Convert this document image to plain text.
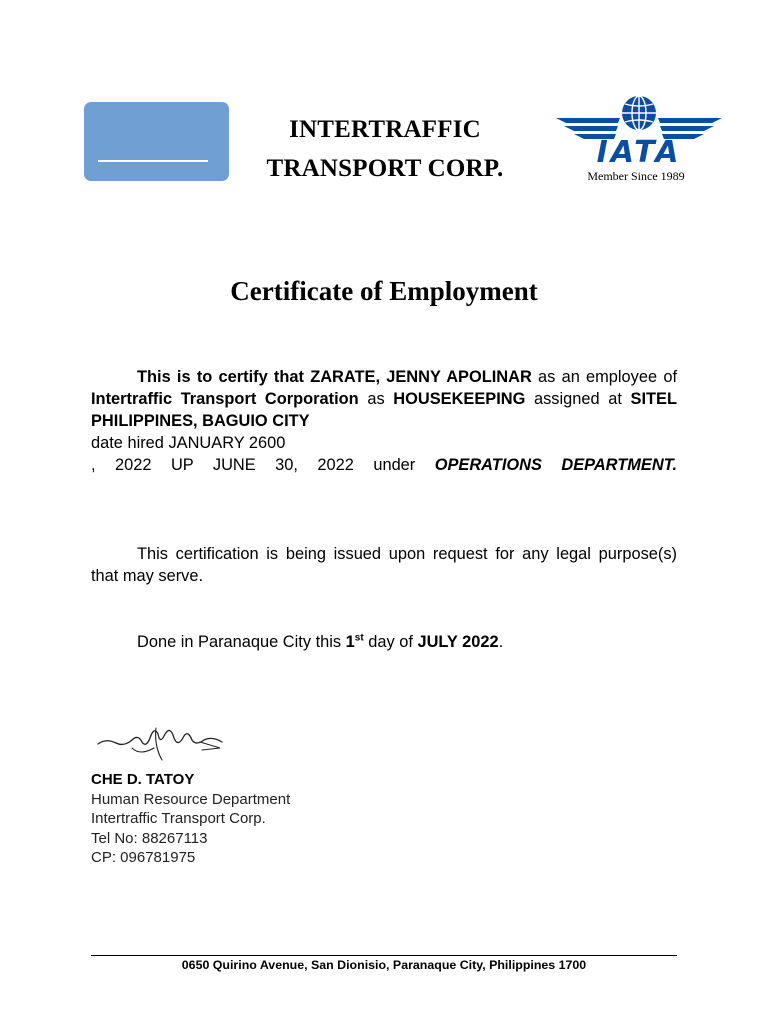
INTERTRAFFIC
TRANSPORT CORP.	IATA
Member Since 1989
Certificate of Employment
This is to certify that ZARATE, JENNY APOLINAR as an employee of Intertraffic Transport Corporation as HOUSEKEEPING assigned at SITEL PHILIPPINES, BAGUIO CITY
date hired JANUARY 2600
, 2022 UP JUNE 30, 2022 under OPERATIONS DEPARTMENT.
This certification is being issued upon request for any legal purpose(s) that may serve.
Done in Paranaque City this 1st day of JULY 2022.
CHE D. TATOY
Human Resource Department
Intertraffic Transport Corp.
Tel No: 88267113
CP: 096781975
0650 Quirino Avenue, San Dionisio, Paranaque City, Philippines 1700
